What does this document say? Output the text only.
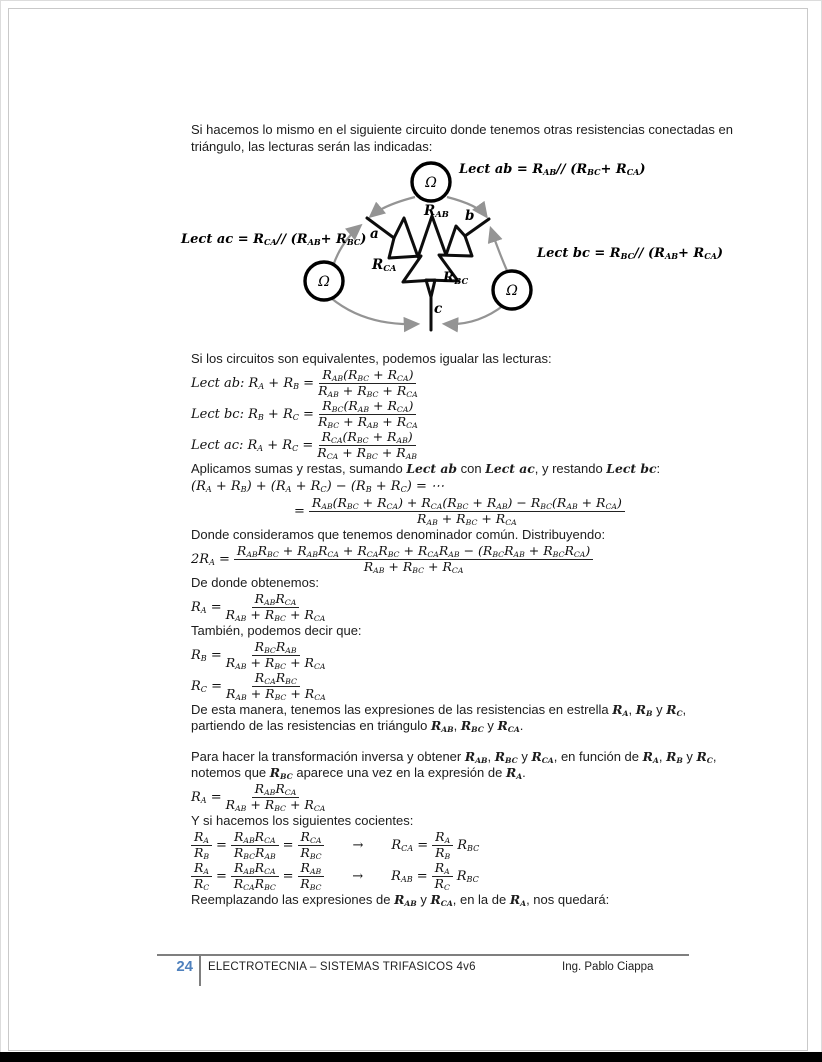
Si hacemos lo mismo en el siguiente circuito donde tenemos otras resistencias conectadas en triángulo, las lecturas serán las indicadas:
Ω
Ω
Ω
Lect ab = $R_{AB}//$ $(R_{BC}+ R_{CA})$
Lect ac = $R_{CA}//$ $(R_{AB}+ R_{BC})$
Lect bc = $R_{BC}//$ $(R_{AB}+ R_{CA})$
$R_{AB}$
$R_{CA}$
$R_{BC}$
a
b
c
Si los circuitos son equivalentes, podemos igualar las lecturas:
Lect ab: $R_A + R_B = \frac{R_{AB}(R_{BC} + R_{CA})}{R_{AB} + R_{BC} + R_{CA}}$
Lect bc: $R_B + R_C = \frac{R_{BC}(R_{AB} + R_{CA})}{R_{BC} + R_{AB} + R_{CA}}$
Lect ac: $R_A + R_C = \frac{R_{CA}(R_{BC} + R_{AB})}{R_{CA} + R_{BC} + R_{AB}}$
Aplicamos sumas y restas, sumando Lect ab con Lect ac, y restando Lect bc:
$(R_A + R_B) + (R_A + R_C) - (R_B + R_C)$ = ⋯
= $\frac{R_{AB}(R_{BC} + R_{CA}) + R_{CA}(R_{BC} + R_{AB}) - R_{BC}(R_{AB} + R_{CA})}{R_{AB} + R_{BC} + R_{CA}}$
Donde consideramos que tenemos denominador común. Distribuyendo:
$2R_A = \frac{R_{AB}R_{BC} + R_{AB}R_{CA} + R_{CA}R_{BC} + R_{CA}R_{AB} - (R_{BC}R_{AB} + R_{BC}R_{CA})}{R_{AB} + R_{BC} + R_{CA}}$
De donde obtenemos:
$R_A = \frac{R_{AB}R_{CA}}{R_{AB} + R_{BC} + R_{CA}}$
También, podemos decir que:
$R_B = \frac{R_{BC}R_{AB}}{R_{AB} + R_{BC} + R_{CA}}$
$R_C = \frac{R_{CA}R_{BC}}{R_{AB} + R_{BC} + R_{CA}}$
De esta manera, tenemos las expresiones de las resistencias en estrella $R_A$, $R_B$ y $R_C$, partiendo de las resistencias en triángulo $R_{AB}$, $R_{BC}$ y $R_{CA}$.
Para hacer la transformación inversa y obtener $R_{AB}$, $R_{BC}$ y $R_{CA}$, en función de $R_A$, $R_B$ y $R_C$, notemos que $R_{BC}$ aparece una vez en la expresión de $R_A$.
$R_A = \frac{R_{AB}R_{CA}}{R_{AB} + R_{BC} + R_{CA}}$
Y si hacemos los siguientes cocientes:
$\frac{R_A}{R_B} = \frac{R_{AB}R_{CA}}{R_{BC}R_{AB}} = \frac{R_{CA}}{R_{BC}} \to R_{CA} = \frac{R_A}{R_B} R_{BC}$
$\frac{R_A}{R_C} = \frac{R_{AB}R_{CA}}{R_{CA}R_{BC}} = \frac{R_{AB}}{R_{BC}} \to R_{AB} = \frac{R_A}{R_C} R_{BC}$
Reemplazando las expresiones de $R_{AB}$ y $R_{CA}$, en la de $R_A$, nos quedará:
24 ELECTROTECNIA – SISTEMAS TRIFASICOS 4v6	Ing. Pablo Ciappa
